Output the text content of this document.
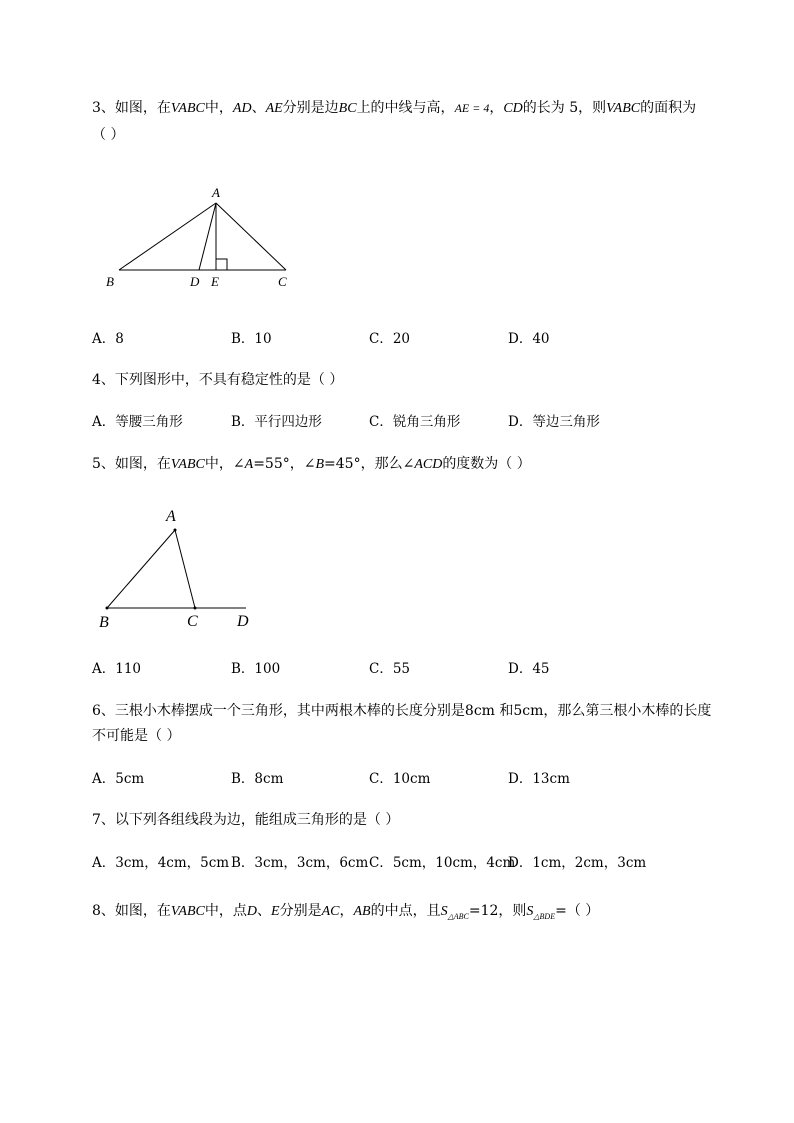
3、如图，在VABC中，AD、AE分别是边BC上的中线与高，AE = 4，CD的长为 5，则VABC的面积为
（ ）
A
B	D E	C
A．8	B．10	C．20	D．40
4、下列图形中，不具有稳定性的是（ ）
A．等腰三角形	B．平行四边形	C．锐角三角形	D．等边三角形
5、如图，在VABC中，∠A=55°，∠B=45°，那么∠ACD的度数为（ ）
A
B	C D
A．110	B．100	C．55	D．45
6、三根小木棒摆成一个三角形，其中两根木棒的长度分别是8cm 和5cm，那么第三根小木棒的长度
不可能是（ ）
A．5cm	B．8cm	C．10cm	D．13cm
7、以下列各组线段为边，能组成三角形的是（ ）
A．3cm，4cm，5cm B．3cm，3cm，6cm C．5cm，10cm，4cm
D．1cm，2cm，3cm
8、如图，在VABC中，点D、E分别是AC，AB的中点，且$S_{\triangle ABC}=12$，则$S_{\triangle BDE}=$（ ）
